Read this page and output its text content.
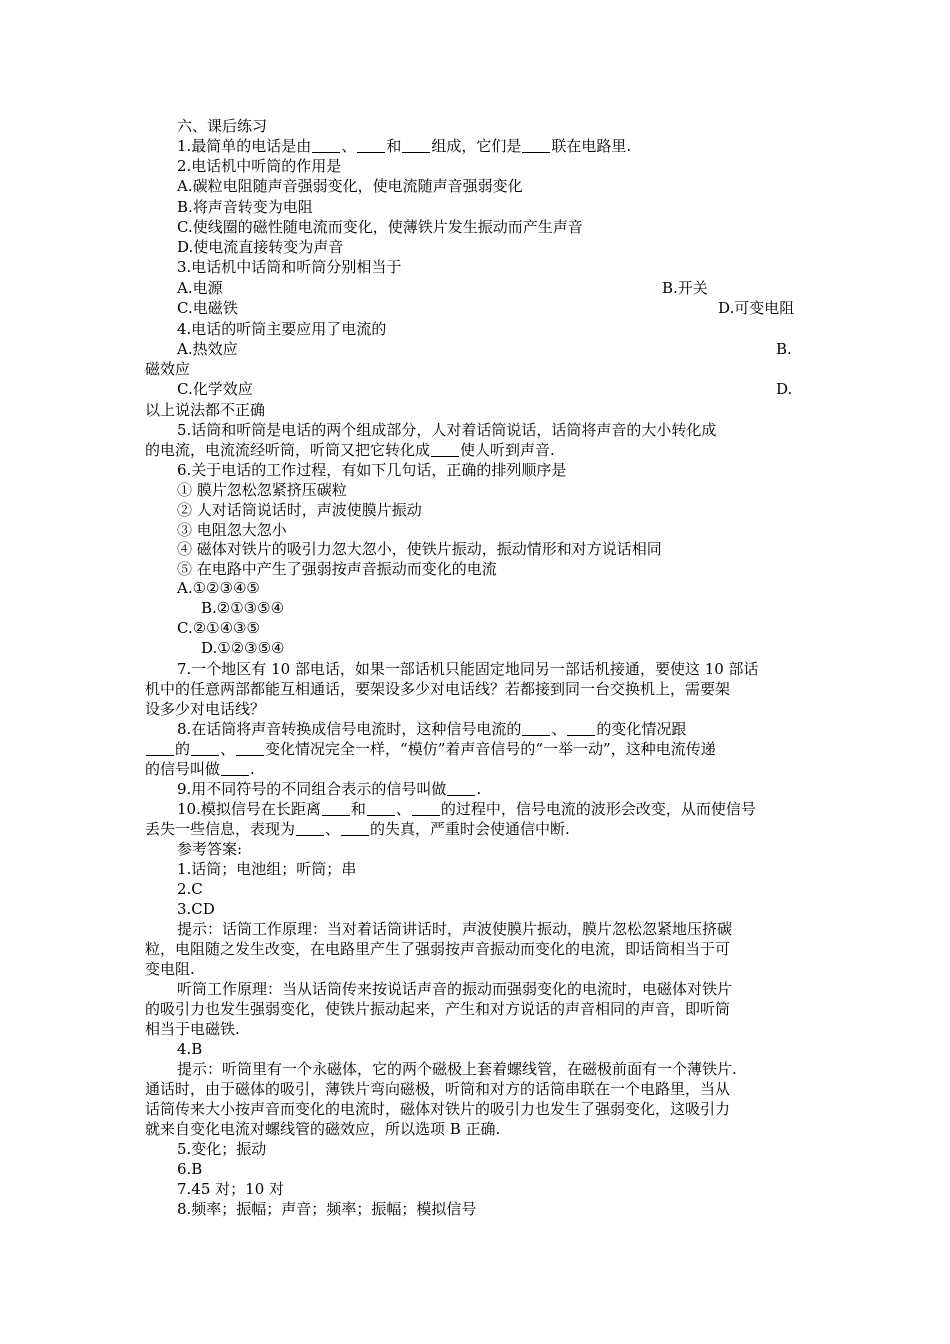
六、课后练习
1.最简单的电话是由 、 和 组成，它们是 联在电路里.
2.电话机中听筒的作用是
A.碳粒电阻随声音强弱变化，使电流随声音强弱变化
B.将声音转变为电阻
C.使线圈的磁性随电流而变化，使薄铁片发生振动而产生声音
D.使电流直接转变为声音
3.电话机中话筒和听筒分别相当于
A.电源	B.开关
C.电磁铁	D.可变电阻
4.电话的听筒主要应用了电流的
A.热效应	B.
磁效应
C.化学效应	D.
以上说法都不正确
5.话筒和听筒是电话的两个组成部分，人对着话筒说话，话筒将声音的大小转化成
的电流，电流流经听筒，听筒又把它转化成 使人听到声音.
6.关于电话的工作过程，有如下几句话，正确的排列顺序是
① 膜片忽松忽紧挤压碳粒
② 人对话筒说话时，声波使膜片振动
③ 电阻忽大忽小
④ 磁体对铁片的吸引力忽大忽小，使铁片振动，振动情形和对方说话相同
⑤ 在电路中产生了强弱按声音振动而变化的电流
A.①②③④⑤
B.②①③⑤④
C.②①④③⑤
D.①②③⑤④
7.一个地区有 10 部电话，如果一部话机只能固定地同另一部话机接通，要使这 10 部话
机中的任意两部都能互相通话，要架设多少对电话线？若都接到同一台交换机上，需要架
设多少对电话线？
8.在话筒将声音转换成信号电流时，这种信号电流的 、 的变化情况跟
的 、 变化情况完全一样，“模仿”着声音信号的“一举一动”，这种电流传递
的信号叫做 .
9.用不同符号的不同组合表示的信号叫做 .
10.模拟信号在长距离 和 、 的过程中，信号电流的波形会改变，从而使信号
丢失一些信息，表现为 、 的失真，严重时会使通信中断.
参考答案:
1.话筒；电池组；听筒；串
2.C
3.CD
提示：话筒工作原理：当对着话筒讲话时，声波使膜片振动，膜片忽松忽紧地压挤碳
粒，电阻随之发生改变，在电路里产生了强弱按声音振动而变化的电流，即话筒相当于可
变电阻.
听筒工作原理：当从话筒传来按说话声音的振动而强弱变化的电流时，电磁体对铁片
的吸引力也发生强弱变化，使铁片振动起来，产生和对方说话的声音相同的声音，即听筒
相当于电磁铁.
4.B
提示：听筒里有一个永磁体，它的两个磁极上套着螺线管，在磁极前面有一个薄铁片.
通话时，由于磁体的吸引，薄铁片弯向磁极，听筒和对方的话筒串联在一个电路里，当从
话筒传来大小按声音而变化的电流时，磁体对铁片的吸引力也发生了强弱变化，这吸引力
就来自变化电流对螺线管的磁效应，所以选项 B 正确.
5.变化；振动
6.B
7.45 对；10 对
8.频率；振幅；声音；频率；振幅；模拟信号
